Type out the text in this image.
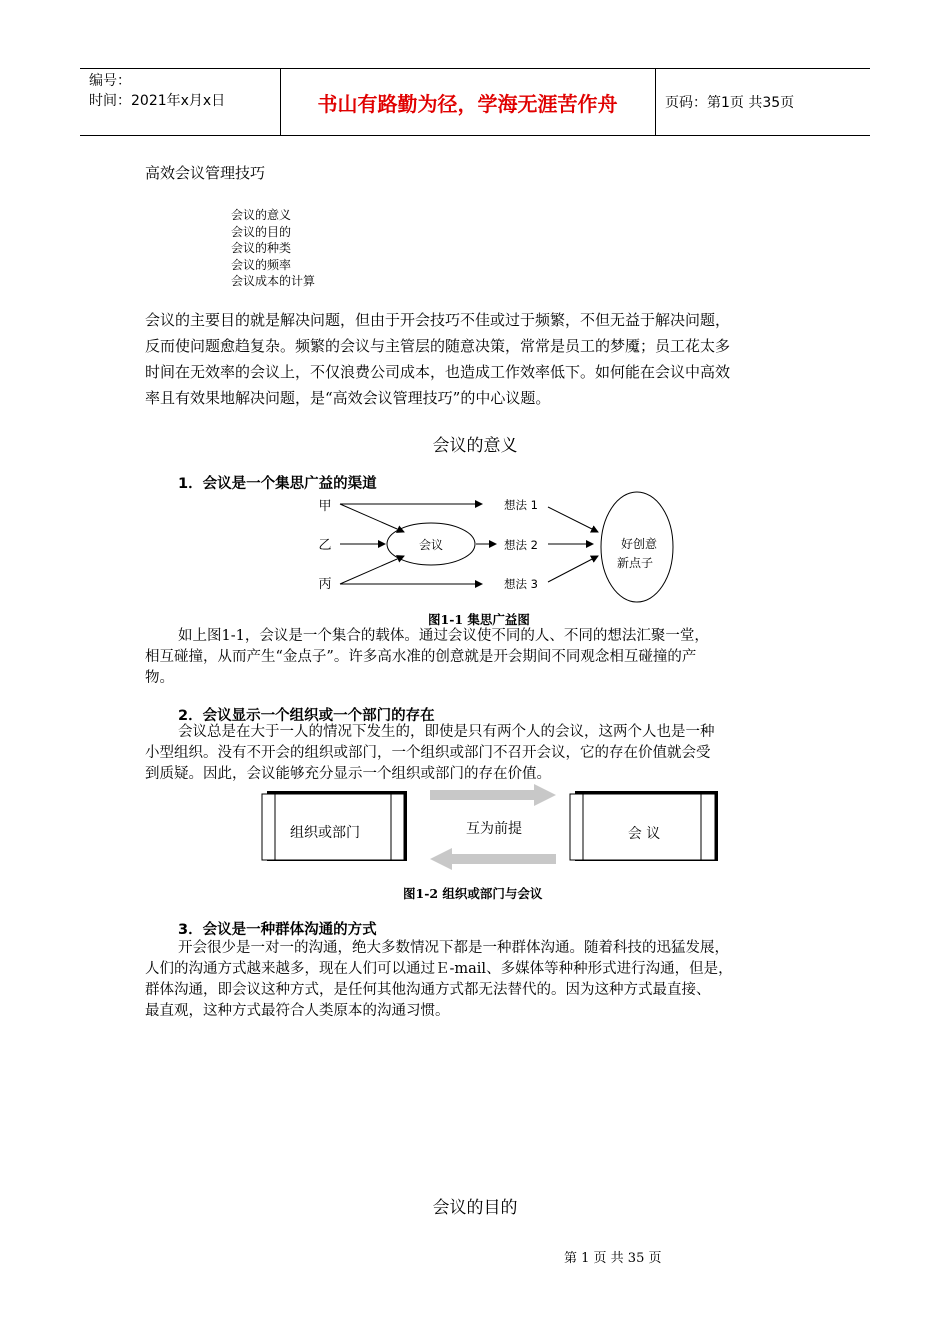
编号：
时间：2021年x月x日	书山有路勤为径，学海无涯苦作舟	页码：第1页 共35页
高效会议管理技巧
会议的意义
会议的目的
会议的种类
会议的频率
会议成本的计算
会议的主要目的就是解决问题，但由于开会技巧不佳或过于频繁，不但无益于解决问题，
反而使问题愈趋复杂。频繁的会议与主管层的随意决策，常常是员工的梦魇；员工花太多
时间在无效率的会议上，不仅浪费公司成本，也造成工作效率低下。如何能在会议中高效
率且有效果地解决问题，是“高效会议管理技巧”的中心议题。
会议的意义
1．会议是一个集思广益的渠道
甲
乙
丙
会议
想法 1
想法 2
想法 3
好创意
新点子
图1-1 集思广益图
如上图1-1，会议是一个集合的载体。通过会议使不同的人、不同的想法汇聚一堂，
相互碰撞，从而产生“金点子”。许多高水准的创意就是开会期间不同观念相互碰撞的产
物。
2．会议显示一个组织或一个部门的存在
会议总是在大于一人的情况下发生的，即使是只有两个人的会议，这两个人也是一种
小型组织。没有不开会的组织或部门，一个组织或部门不召开会议，它的存在价值就会受
到质疑。因此，会议能够充分显示一个组织或部门的存在价值。
组织或部门	会 议
互为前提
图1-2 组织或部门与会议
3．会议是一种群体沟通的方式
开会很少是一对一的沟通，绝大多数情况下都是一种群体沟通。随着科技的迅猛发展，
人们的沟通方式越来越多，现在人们可以通过Ｅ-mail、多媒体等种种形式进行沟通，但是，
群体沟通，即会议这种方式，是任何其他沟通方式都无法替代的。因为这种方式最直接、
最直观，这种方式最符合人类原本的沟通习惯。
会议的目的
第 1 页 共 35 页
